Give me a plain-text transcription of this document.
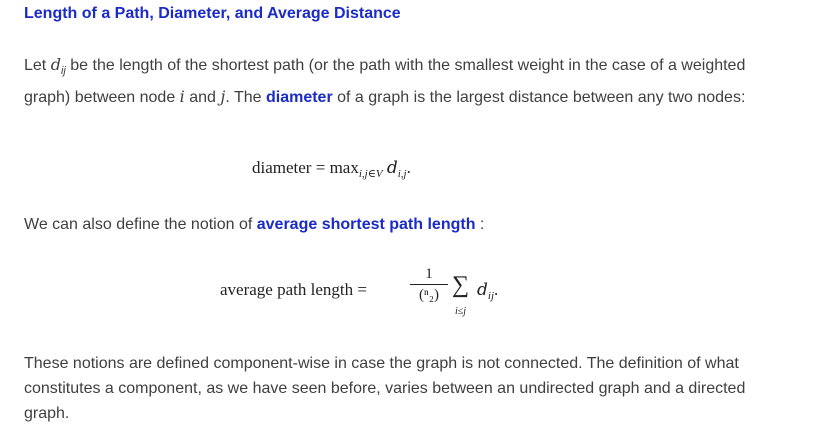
Length of a Path, Diameter, and Average Distance
Let $d_{ij}$ be the length of the shortest path (or the path with the smallest weight in the case of a weighted graph) between node i and j. The diameter of a graph is the largest distance between any two nodes:
diameter = $\max_{i,j\in V} d_{i,j}$.
We can also define the notion of average shortest path length :
average path length =
1
(ⁿ₂) ∑
i≤j
$d_{ij}$.
These notions are defined component-wise in case the graph is not connected. The definition of what constitutes a component, as we have seen before, varies between an undirected graph and a directed graph.
